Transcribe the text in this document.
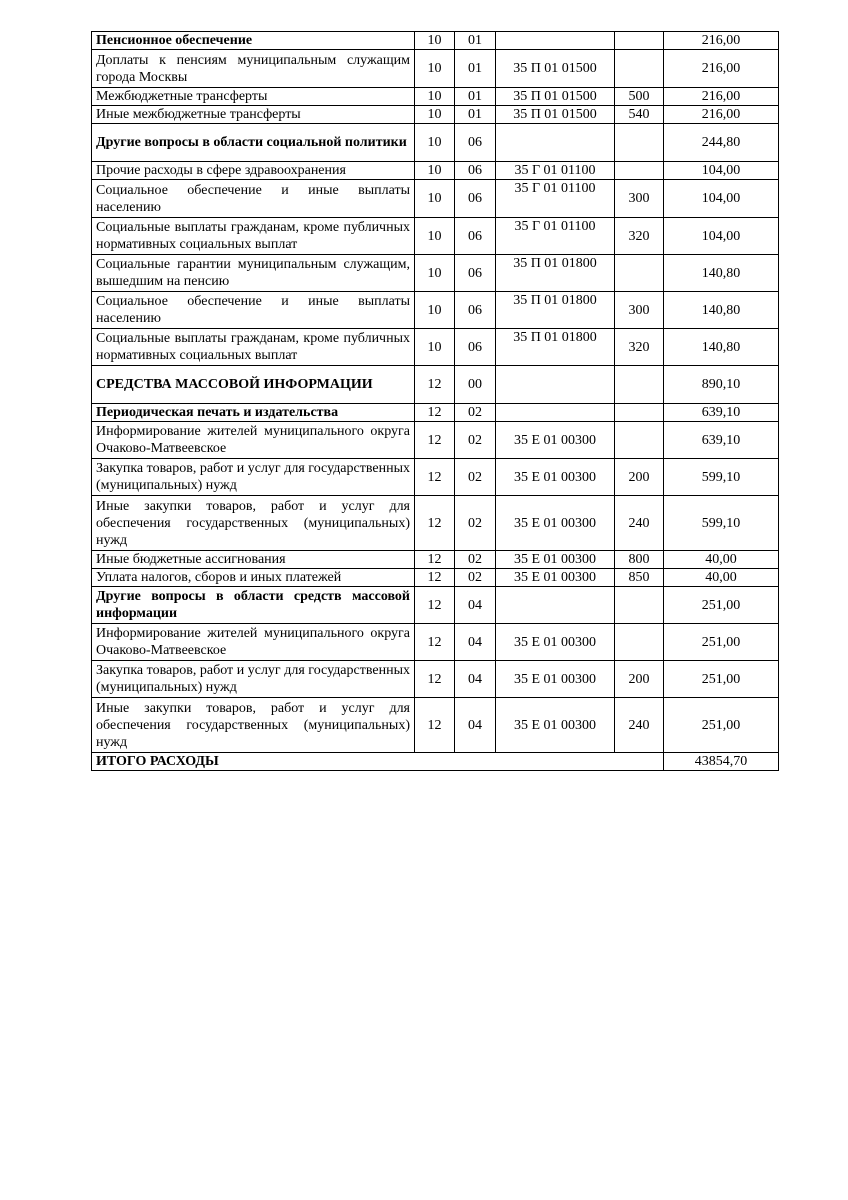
Пенсионное обеспечение	10	01			216,00
Доплаты к пенсиям муниципальным служащим города Москвы	10	01	35 П 01 01500		216,00
Межбюджетные трансферты	10	01	35 П 01 01500	500	216,00
Иные межбюджетные трансферты	10	01	35 П 01 01500	540	216,00
Другие вопросы в области социальной политики	10	06			244,80
Прочие расходы в сфере здравоохранения	10	06	35 Г 01 01100		104,00
Социальное обеспечение и иные выплаты населению	10	06	35 Г 01 01100	300	104,00
Социальные выплаты гражданам, кроме публичных нормативных социальных выплат	10	06	35 Г 01 01100	320	104,00
Социальные гарантии муниципальным служащим, вышедшим на пенсию	10	06	35 П 01 01800		140,80
Социальное обеспечение и иные выплаты населению	10	06	35 П 01 01800	300	140,80
Социальные выплаты гражданам, кроме публичных нормативных социальных выплат	10	06	35 П 01 01800	320	140,80
СРЕДСТВА МАССОВОЙ ИНФОРМАЦИИ	12	00			890,10
Периодическая печать и издательства	12	02			639,10
Информирование жителей муниципального округа Очаково-Матвеевское	12	02	35 Е 01 00300		639,10
Закупка товаров, работ и услуг для государственных (муниципальных) нужд	12	02	35 Е 01 00300	200	599,10
Иные закупки товаров, работ и услуг для обеспечения государственных (муниципальных) нужд	12	02	35 Е 01 00300	240	599,10
Иные бюджетные ассигнования	12	02	35 Е 01 00300	800	40,00
Уплата налогов, сборов и иных платежей	12	02	35 Е 01 00300	850	40,00
Другие вопросы в области средств массовой информации	12	04			251,00
Информирование жителей муниципального округа Очаково-Матвеевское	12	04	35 Е 01 00300		251,00
Закупка товаров, работ и услуг для государственных (муниципальных) нужд	12	04	35 Е 01 00300	200	251,00
Иные закупки товаров, работ и услуг для обеспечения государственных (муниципальных) нужд	12	04	35 Е 01 00300	240	251,00
ИТОГО РАСХОДЫ					43854,70
